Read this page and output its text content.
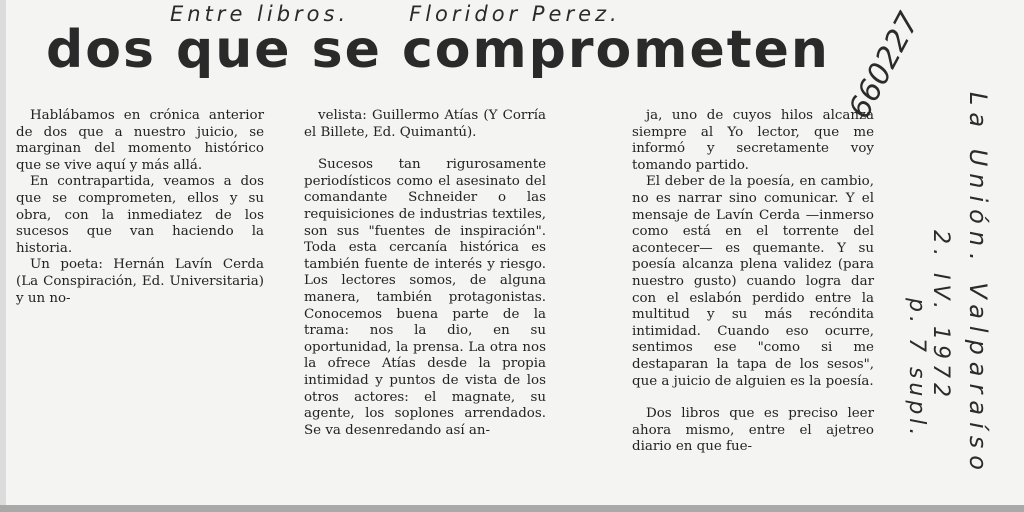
Entre libros.	Floridor Perez.
dos que se comprometen 660227

Hablábamos en crónica anterior de dos que a nuestro juicio, se marginan del momento histórico que se vive aquí y más allá.

En contrapartida, veamos a dos que se comprometen, ellos y su obra, con la inmediatez de los sucesos que van haciendo la historia.

Un poeta: Hernán Lavín Cerda (La Conspiración, Ed. Universitaria) y un no-

velista: Guillermo Atías (Y Corría el Billete, Ed. Quimantú).

Sucesos tan rigurosamente periodísticos como el asesinato del comandante Schneider o las requisiciones de industrias textiles, son sus "fuentes de inspiración". Toda esta cercanía histórica es también fuente de interés y riesgo. Los lectores somos, de alguna manera, también protagonistas. Conocemos buena parte de la trama: nos la dio, en su oportunidad, la prensa. La otra nos la ofrece Atías desde la propia intimidad y puntos de vista de los otros actores: el magnate, su agente, los soplones arrendados. Se va desenredando así an-

ja, uno de cuyos hilos alcanza siempre al Yo lector, que me informó y secretamente voy tomando partido.

El deber de la poesía, en cambio, no es narrar sino comunicar. Y el mensaje de Lavín Cerda —inmerso como está en el torrente del acontecer— es quemante. Y su poesía alcanza plena validez (para nuestro gusto) cuando logra dar con el eslabón perdido entre la multitud y su más recóndita intimidad. Cuando eso ocurre, sentimos ese "como si me destaparan la tapa de los sesos", que a juicio de alguien es la poesía.

Dos libros que es preciso leer ahora mismo, entre el ajetreo diario en que fue-	La Unión. Valparaíso
2. IV. 1972
p. 7 supl.
